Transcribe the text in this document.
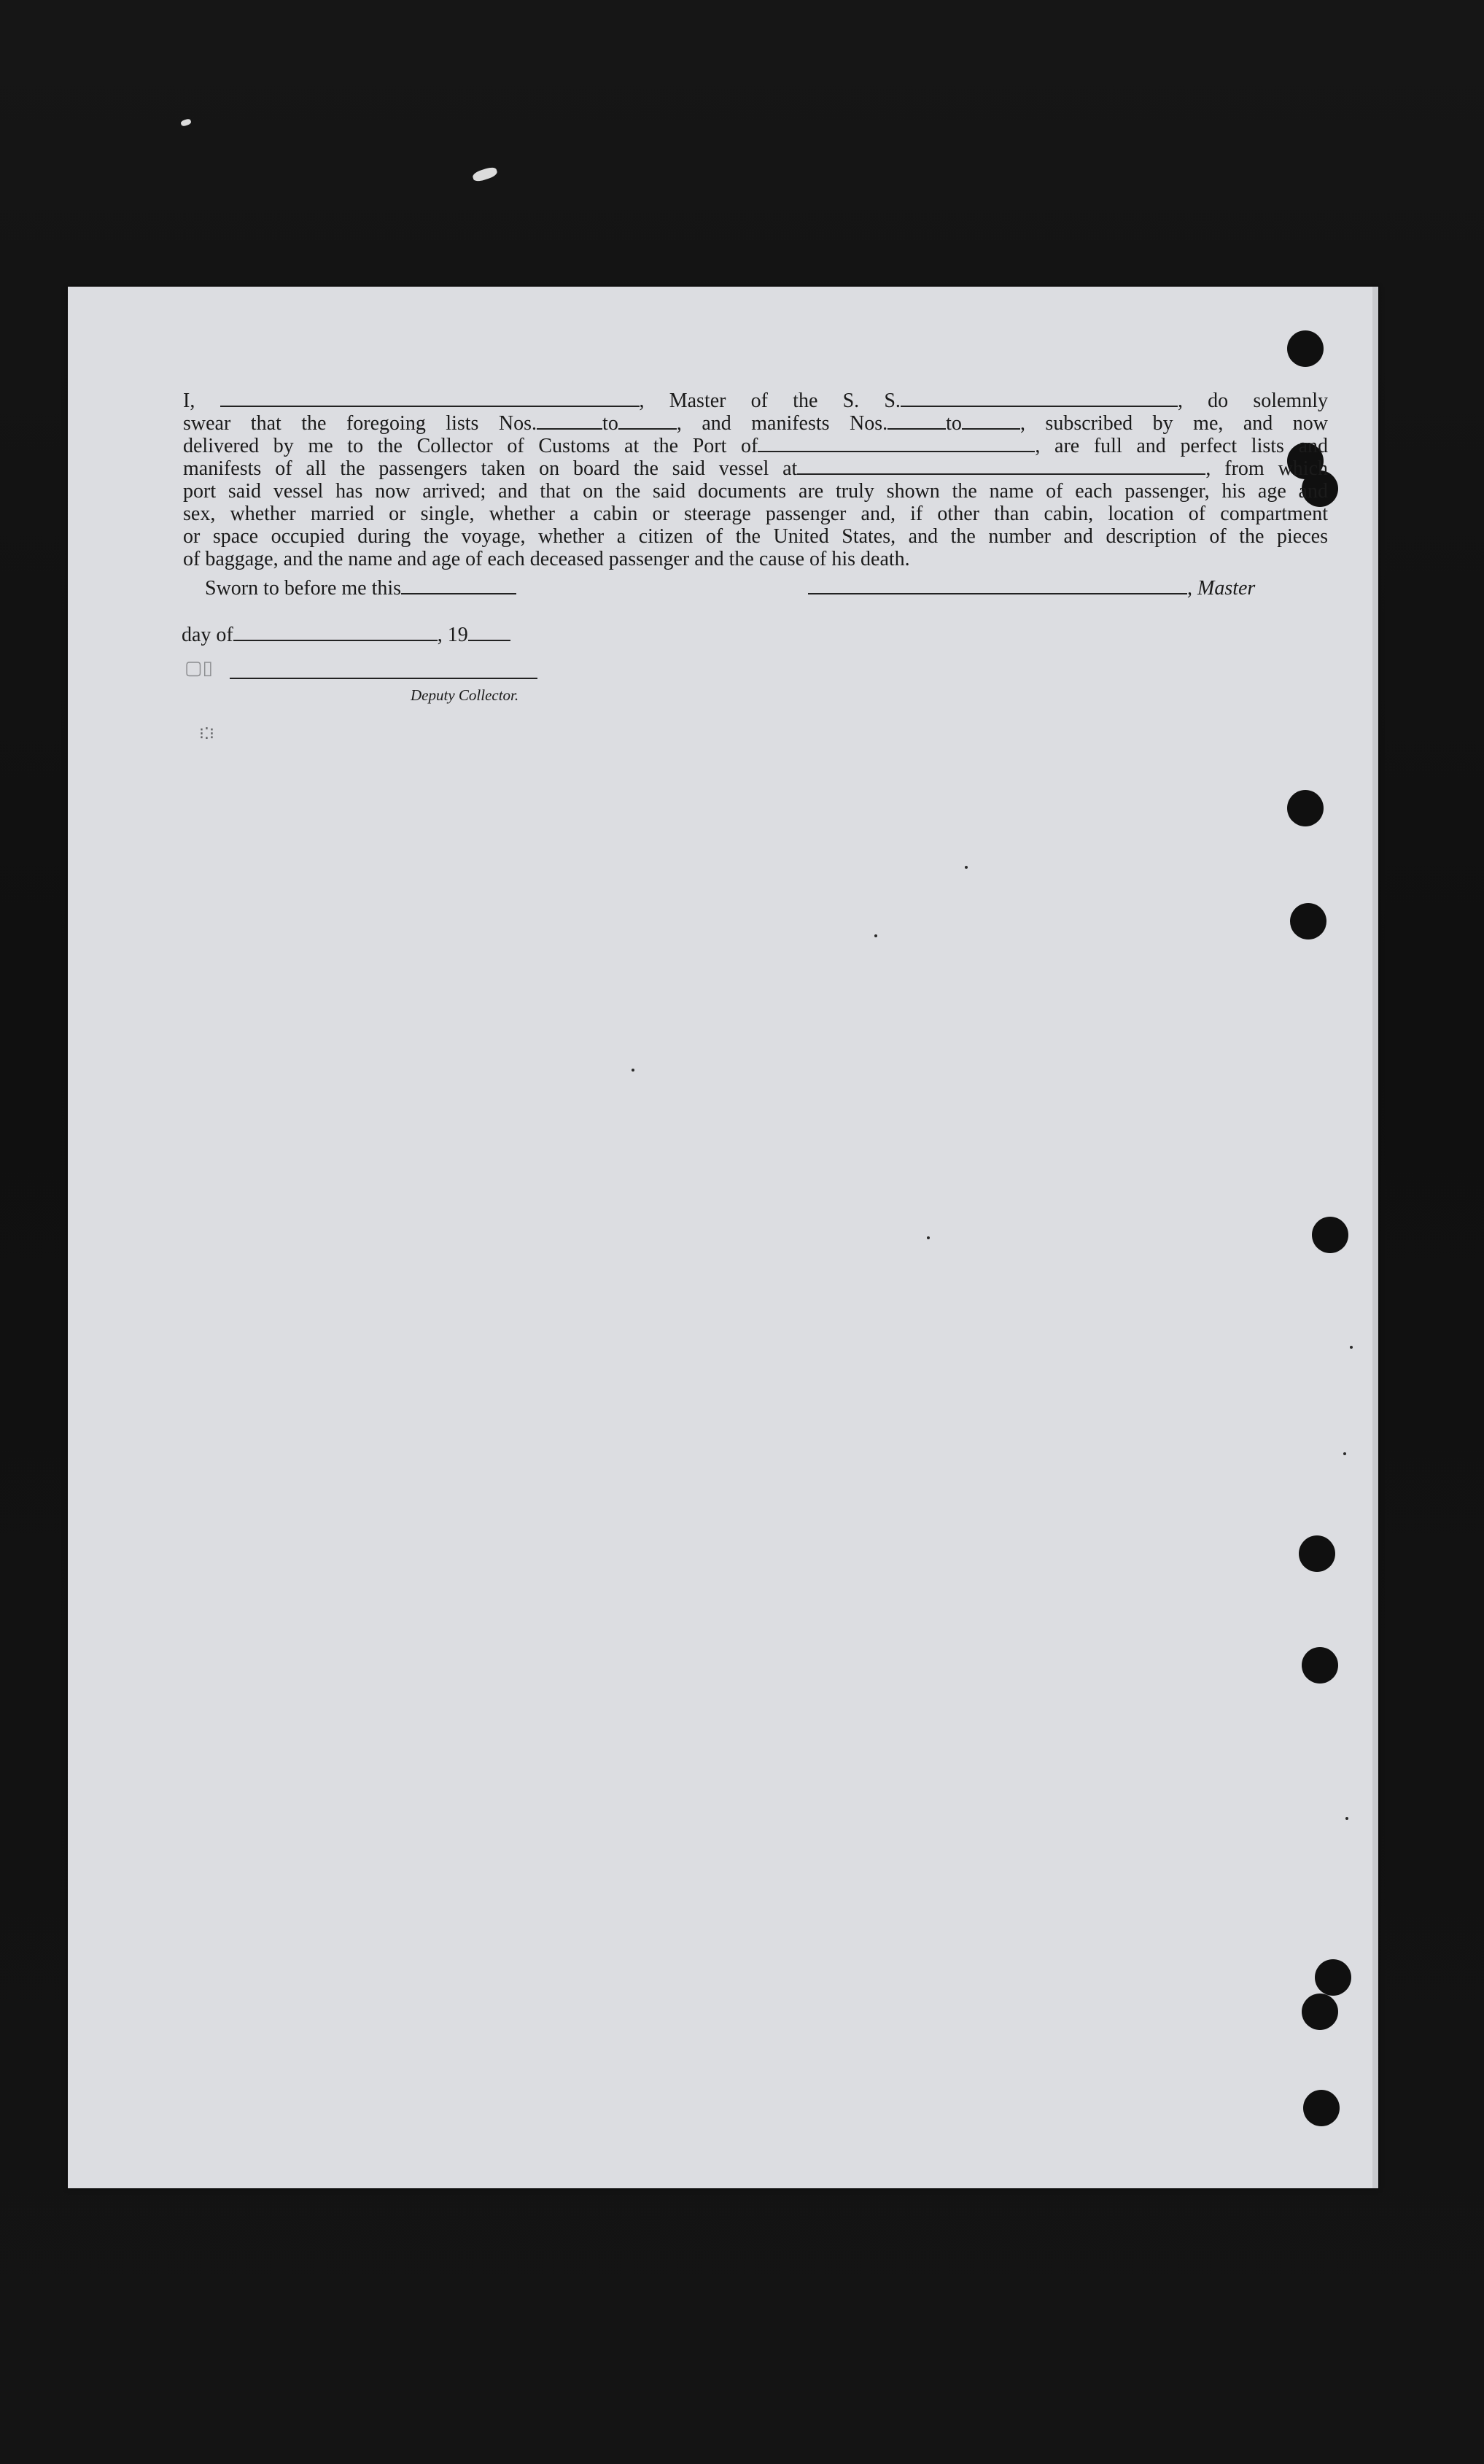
▢▯
⁝⁚⁝
I,	, Master of the S. S.	, do solemnly
swear that the foregoing lists Nos.	to	, and manifests Nos.	to	, subscribed by me, and now
delivered by me to the Collector of Customs at the Port of	, are full and perfect lists and
manifests of all the passengers taken on board the said vessel at	, from which
port said vessel has now arrived; and that on the said documents are truly shown the name of each passenger, his age and
sex, whether married or single, whether a cabin or steerage passenger and, if other than cabin, location of compartment
or space occupied during the voyage, whether a citizen of the United States, and the number and description of the pieces
of baggage, and the name and age of each deceased passenger and the cause of his death.
Sworn to before me this	, Master
day of	, 19
Deputy Collector.
